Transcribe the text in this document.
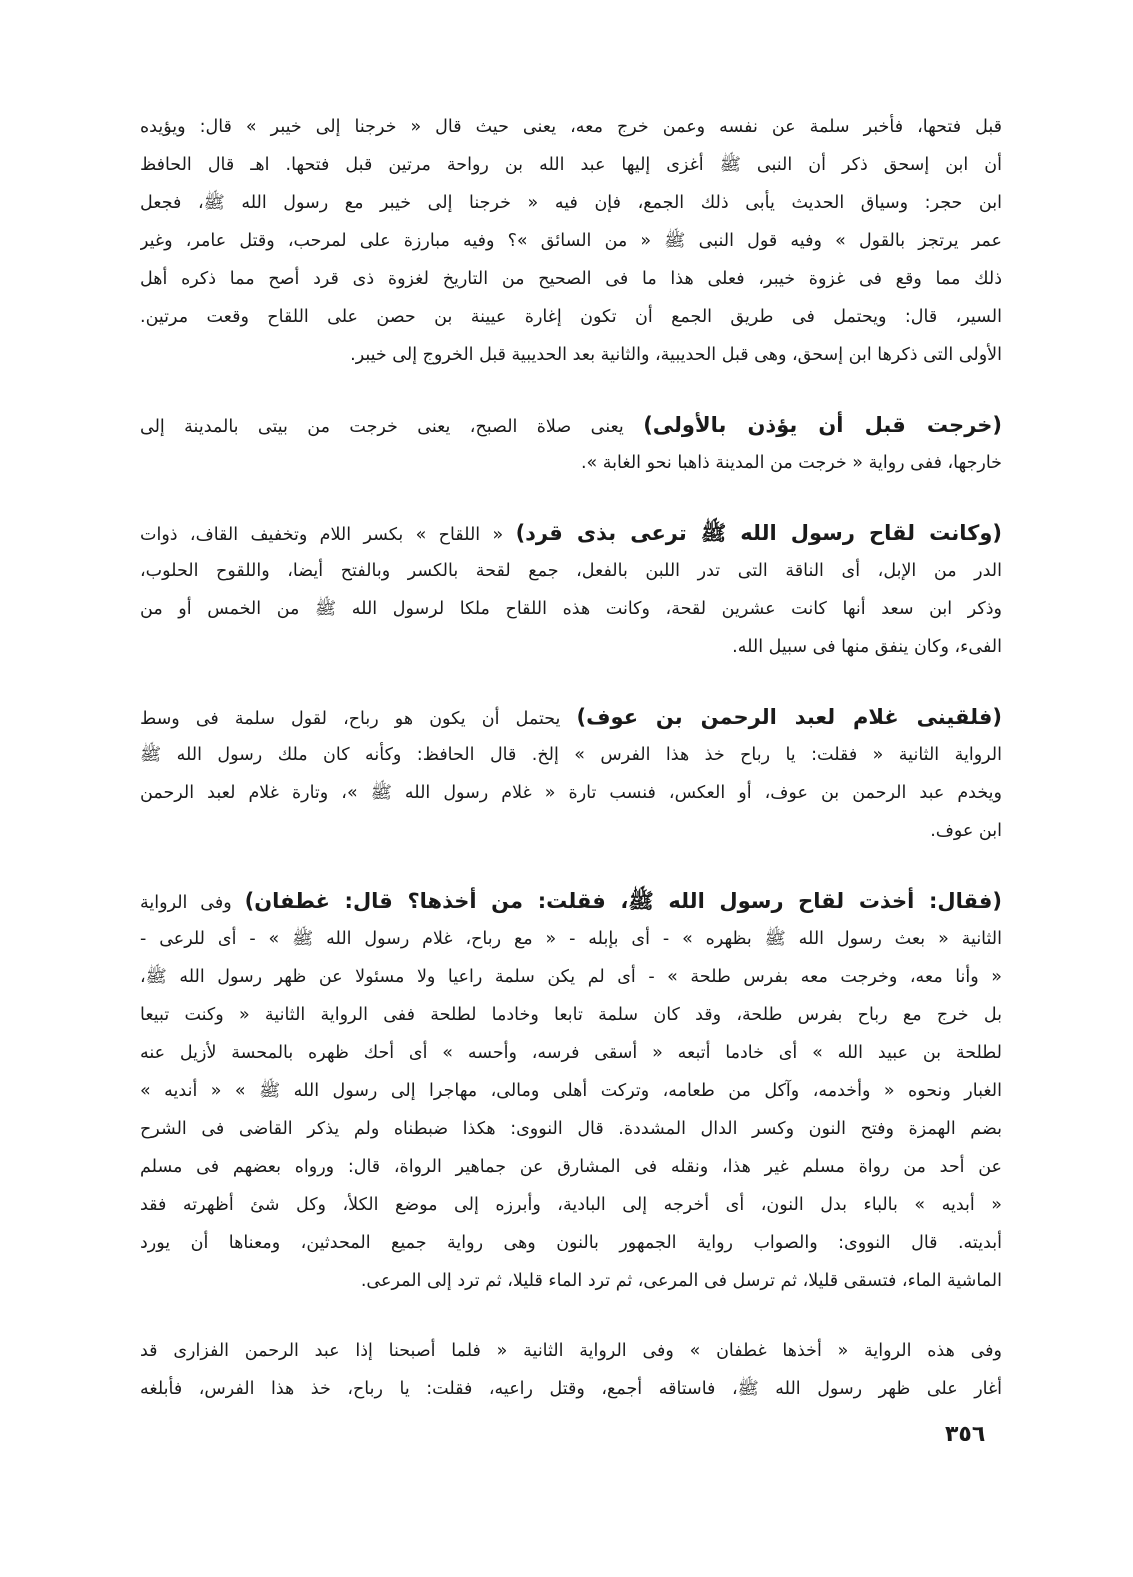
قبل فتحها، فأخبر سلمة عن نفسه وعمن خرج معه، يعنى حيث قال « خرجنا إلى خيبر » قال: ويؤيده
أن ابن إسحق ذكر أن النبى ﷺ أغزى إليها عبد الله بن رواحة مرتين قبل فتحها. اهـ قال الحافظ
ابن حجر: وسياق الحديث يأبى ذلك الجمع، فإن فيه « خرجنا إلى خيبر مع رسول الله ﷺ، فجعل
عمر يرتجز بالقول » وفيه قول النبى ﷺ « من السائق »؟ وفيه مبارزة على لمرحب، وقتل عامر، وغير
ذلك مما وقع فى غزوة خيبر، فعلى هذا ما فى الصحيح من التاريخ لغزوة ذى قرد أصح مما ذكره أهل
السير، قال: ويحتمل فى طريق الجمع أن تكون إغارة عيينة بن حصن على اللقاح وقعت مرتين.
الأولى التى ذكرها ابن إسحق، وهى قبل الحديبية، والثانية بعد الحديبية قبل الخروج إلى خيبر.
(خرجت قبل أن يؤذن بالأولى) يعنى صلاة الصبح، يعنى خرجت من بيتى بالمدينة إلى
خارجها، ففى رواية « خرجت من المدينة ذاهبا نحو الغابة ».
(وكانت لقاح رسول الله ﷺ ترعى بذى قرد) « اللقاح » بكسر اللام وتخفيف القاف، ذوات
الدر من الإبل، أى الناقة التى تدر اللبن بالفعل، جمع لقحة بالكسر وبالفتح أيضا، واللقوح الحلوب،
وذكر ابن سعد أنها كانت عشرين لقحة، وكانت هذه اللقاح ملكا لرسول الله ﷺ من الخمس أو من
الفىء، وكان ينفق منها فى سبيل الله.
(فلقينى غلام لعبد الرحمن بن عوف) يحتمل أن يكون هو رباح، لقول سلمة فى وسط
الرواية الثانية « فقلت: يا رباح خذ هذا الفرس » إلخ. قال الحافظ: وكأنه كان ملك رسول الله ﷺ
ويخدم عبد الرحمن بن عوف، أو العكس، فنسب تارة « غلام رسول الله ﷺ »، وتارة غلام لعبد الرحمن
ابن عوف.
(فقال: أخذت لقاح رسول الله ﷺ، فقلت: من أخذها؟ قال: غطفان) وفى الرواية
الثانية « بعث رسول الله ﷺ بظهره » - أى بإبله - « مع رباح، غلام رسول الله ﷺ » - أى للرعى -
« وأنا معه، وخرجت معه بفرس طلحة » - أى لم يكن سلمة راعيا ولا مسئولا عن ظهر رسول الله ﷺ،
بل خرج مع رباح بفرس طلحة، وقد كان سلمة تابعا وخادما لطلحة ففى الرواية الثانية « وكنت تبيعا
لطلحة بن عبيد الله » أى خادما أتبعه « أسقى فرسه، وأحسه » أى أحك ظهره بالمحسة لأزيل عنه
الغبار ونحوه « وأخدمه، وآكل من طعامه، وتركت أهلى ومالى، مهاجرا إلى رسول الله ﷺ » « أنديه »
بضم الهمزة وفتح النون وكسر الدال المشددة. قال النووى: هكذا ضبطناه ولم يذكر القاضى فى الشرح
عن أحد من رواة مسلم غير هذا، ونقله فى المشارق عن جماهير الرواة، قال: ورواه بعضهم فى مسلم
« أبديه » بالباء بدل النون، أى أخرجه إلى البادية، وأبرزه إلى موضع الكلأ، وكل شئ أظهرته فقد
أبديته. قال النووى: والصواب رواية الجمهور بالنون وهى رواية جميع المحدثين، ومعناها أن يورد
الماشية الماء، فتسقى قليلا، ثم ترسل فى المرعى، ثم ترد الماء قليلا، ثم ترد إلى المرعى.
وفى هذه الرواية « أخذها غطفان » وفى الرواية الثانية « فلما أصبحنا إذا عبد الرحمن الفزارى قد
أغار على ظهر رسول الله ﷺ، فاستاقه أجمع، وقتل راعيه، فقلت: يا رباح، خذ هذا الفرس، فأبلغه
٣٥٦
